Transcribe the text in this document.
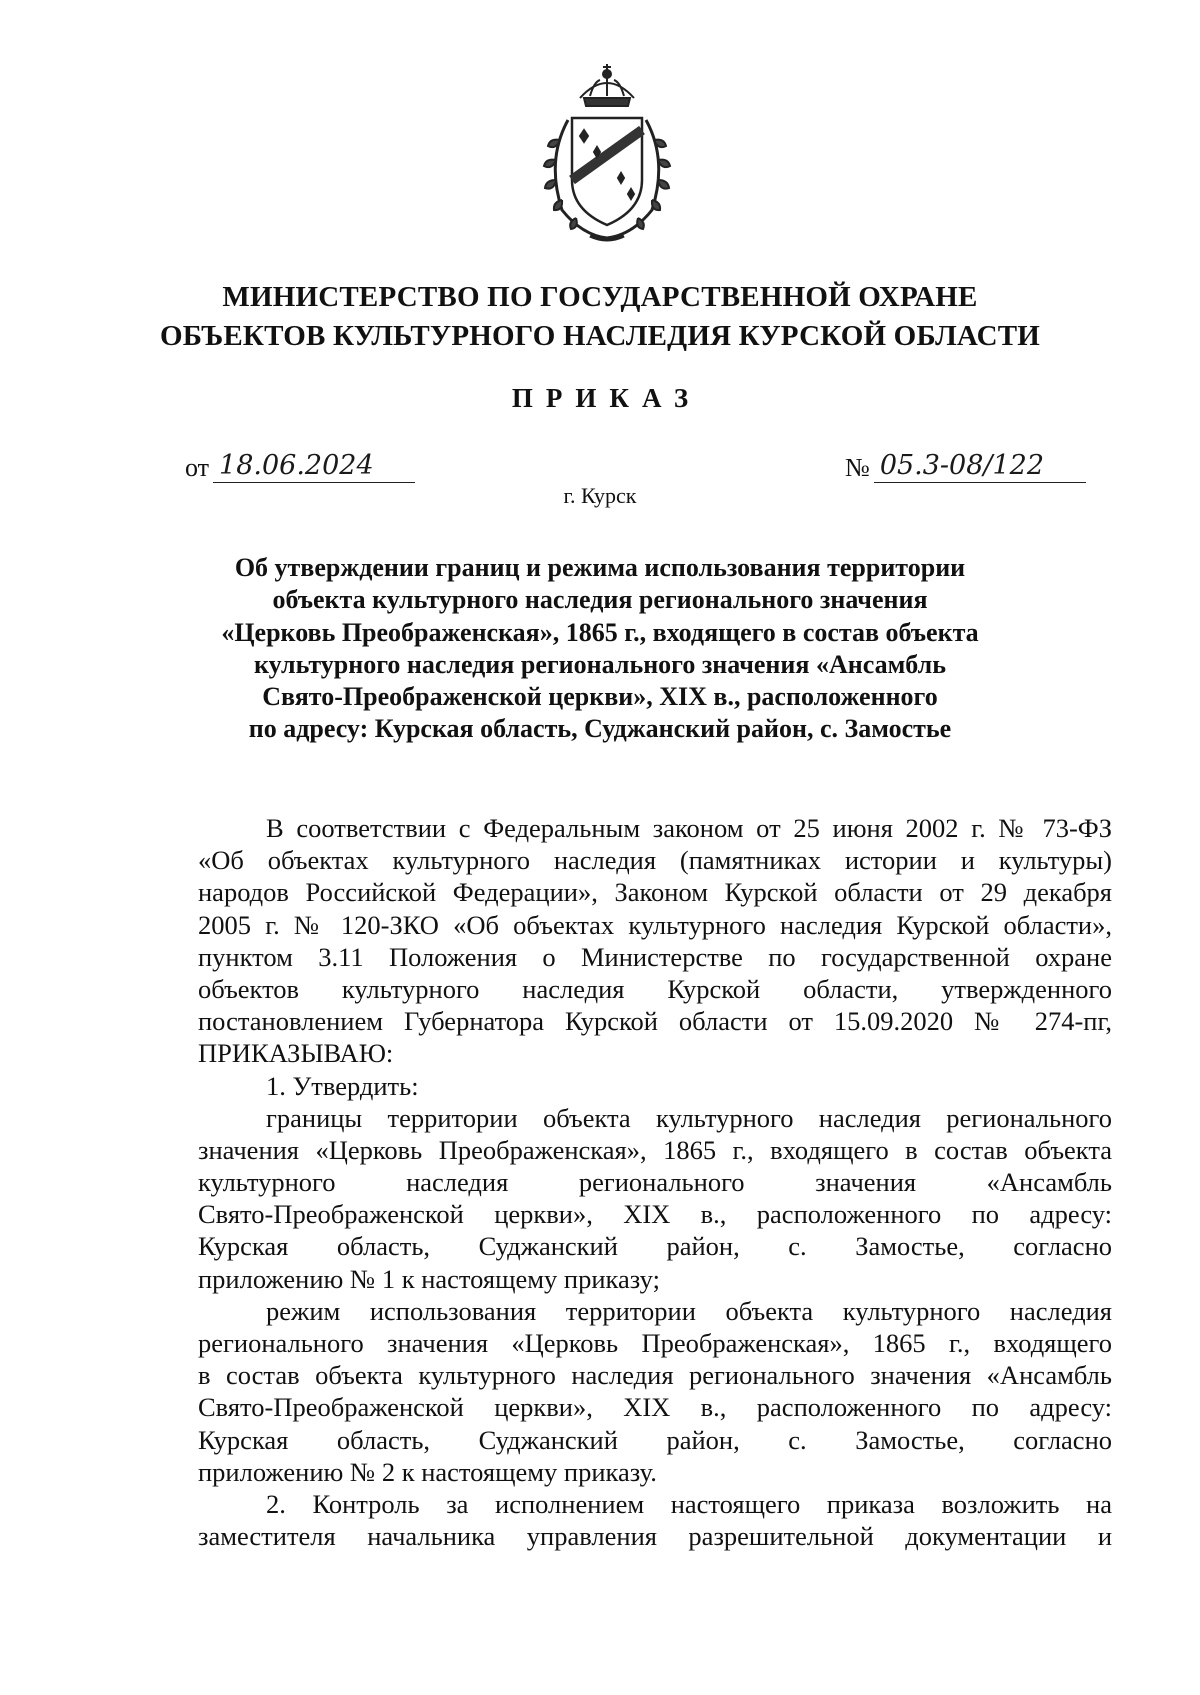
МИНИСТЕРСТВО ПО ГОСУДАРСТВЕННОЙ ОХРАНЕ
ОБЪЕКТОВ КУЛЬТУРНОГО НАСЛЕДИЯ КУРСКОЙ ОБЛАСТИ
ПРИКАЗ
от 18.06.2024	№ 05.3-08/122
г. Курск
Об утверждении границ и режима использования территории
объекта культурного наследия регионального значения
«Церковь Преображенская», 1865 г., входящего в состав объекта
культурного наследия регионального значения «Ансамбль
Свято-Преображенской церкви», XIX в., расположенного
по адресу: Курская область, Суджанский район, с. Замостье
В соответствии с Федеральным законом от 25 июня 2002 г. № 73-ФЗ
«Об объектах культурного наследия (памятниках истории и культуры)
народов Российской Федерации», Законом Курской области от 29 декабря
2005 г. № 120-ЗКО «Об объектах культурного наследия Курской области»,
пунктом 3.11 Положения о Министерстве по государственной охране
объектов культурного наследия Курской области, утвержденного
постановлением Губернатора Курской области от 15.09.2020 № 274-пг,
ПРИКАЗЫВАЮ:
1. Утвердить:
границы территории объекта культурного наследия регионального
значения «Церковь Преображенская», 1865 г., входящего в состав объекта
культурного наследия регионального значения «Ансамбль
Свято-Преображенской церкви», XIX в., расположенного по адресу:
Курская область, Суджанский район, с. Замостье, согласно
приложению № 1 к настоящему приказу;
режим использования территории объекта культурного наследия
регионального значения «Церковь Преображенская», 1865 г., входящего
в состав объекта культурного наследия регионального значения «Ансамбль
Свято-Преображенской церкви», XIX в., расположенного по адресу:
Курская область, Суджанский район, с. Замостье, согласно
приложению № 2 к настоящему приказу.
2. Контроль за исполнением настоящего приказа возложить на
заместителя начальника управления разрешительной документации и
